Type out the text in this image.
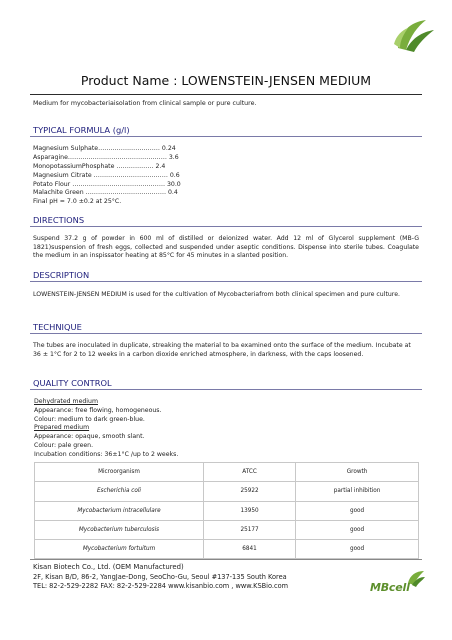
Product Name : LOWENSTEIN-JENSEN MEDIUM
Medium for mycobacteriaisolation from clinical sample or pure culture.
TYPICAL FORMULA (g/l)
Magnesium Sulphate………………………… 0.24
Asparagine………………………………………… 3.6
MonopotassiumPhosphate ……………… 2.4
Magnesium Citrate ……………………………… 0.6
Potato Flour ……………………………………… 30.0
Malachite Green ………………………………… 0.4
Final pH = 7.0 ±0.2 at 25°C.
DIRECTIONS
Suspend 37.2 g of powder in 600 ml of distilled or deionized water. Add 12 ml of Glycerol supplement (MB-G 1821)suspension of fresh eggs, collected and suspended under aseptic conditions. Dispense into sterile tubes. Coagulate the medium in an inspissator heating at 85°C for 45 minutes in a slanted position.
DESCRIPTION
LOWENSTEIN-JENSEN MEDIUM is used for the cultivation of Mycobacteriafrom both clinical specimen and pure culture.
TECHNIQUE
The tubes are inoculated in duplicate, streaking the material to ba examined onto the surface of the medium. Incubate at 36 ± 1°C for 2 to 12 weeks in a carbon dioxide enriched atmosphere, in darkness, with the caps loosened.
QUALITY CONTROL
Dehydrated medium
Appearance: free flowing, homogeneous.
Colour: medium to dark green-blue.
Prepared medium
Appearance: opaque, smooth slant.
Colour: pale green.
Incubation conditions: 36±1°C /up to 2 weeks.
Microorganism	ATCC	Growth
Escherichia coli	25922	partial inhibition
Mycobacterium intracellulare	13950	good
Mycobacterium tuberculosis	25177	good
Mycobacterium fortuitum	6841	good
Kisan Biotech Co., Ltd. (OEM Manufactured)
2F, Kisan B/D, 86-2, YangJae-Dong, SeoCho-Gu, Seoul #137-135 South Korea
TEL: 82-2-529-2282 FAX: 82-2-529-2284 www.kisanbio.com , www.KSBio.com	MBcell
